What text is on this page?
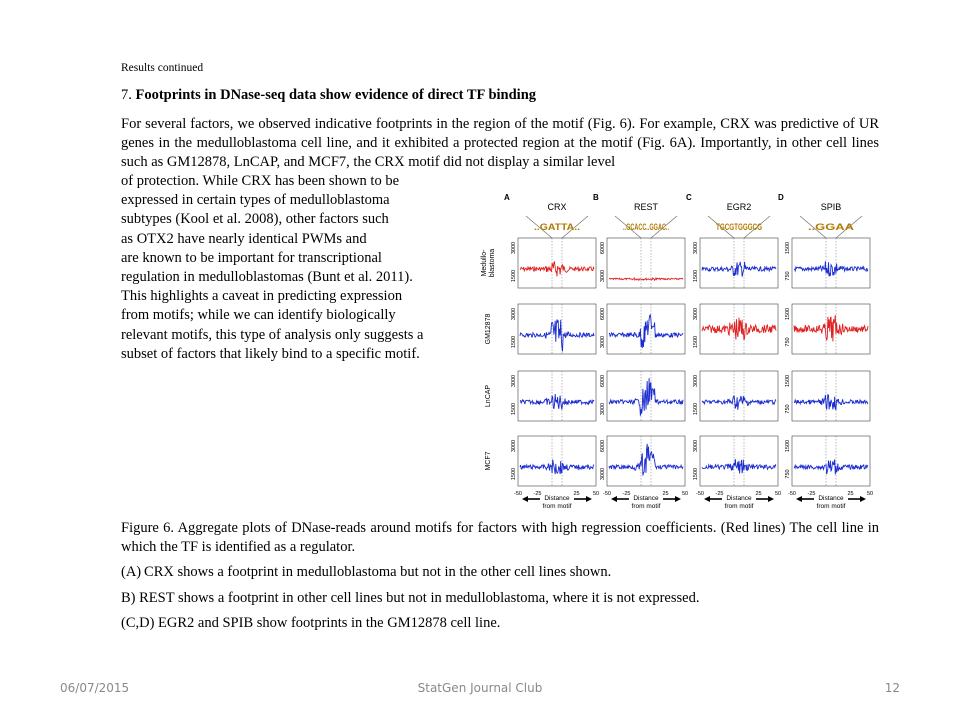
Results continued
7. Footprints in DNase-seq data show evidence of direct TF binding
For several factors, we observed indicative footprints in the region of the motif (Fig. 6). For example, CRX was predictive of UR genes in the medulloblastoma cell line, and it exhibited a protected region at the motif (Fig. 6A). Importantly, in other cell lines such as GM12878, LnCAP, and MCF7, the CRX motif did not display a similar level
of protection. While CRX has been shown to be
expressed in certain types of medulloblastoma
subtypes (Kool et al. 2008), other factors such
as OTX2 have nearly identical PWMs and
are known to be important for transcriptional
regulation in medulloblastomas (Bunt et al. 2011).
This highlights a caveat in predicting expression
from motifs; while we can identify biologically
relevant motifs, this type of analysis only suggests a
subset of factors that likely bind to a specific motif.
A
CRX
..GATTA..
B
REST
..GCACC..GGAC..
C
EGR2
TGCGTGGGCG
D
SPIB
..GGAA
Medullo-blastoma
GM12878
LnCAP
MCF7
1500
3000
3000
6000
1500
3000
750
1500
1500
3000
3000
6000
1500
3000
750
1500
1500
3000
3000
6000
1500
3000
750
1500
1500
3000
3000
6000
1500
3000
750
1500
-50 -25	25 50
Distance
from motif
-50 -25	25 50
Distance
from motif
-50 -25	25 50
Distance
from motif
-50 -25	25 50
Distance
from motif

Figure 6. Aggregate plots of DNase-reads around motifs for factors with high regression coefficients. (Red lines) The cell line in which the TF is identified as a regulator.

(A) CRX shows a footprint in medulloblastoma but not in the other cell lines shown.

B) REST shows a footprint in other cell lines but not in medulloblastoma, where it is not expressed.

(C,D) EGR2 and SPIB show footprints in the GM12878 cell line.

06/07/2015	StatGen Journal Club	12
